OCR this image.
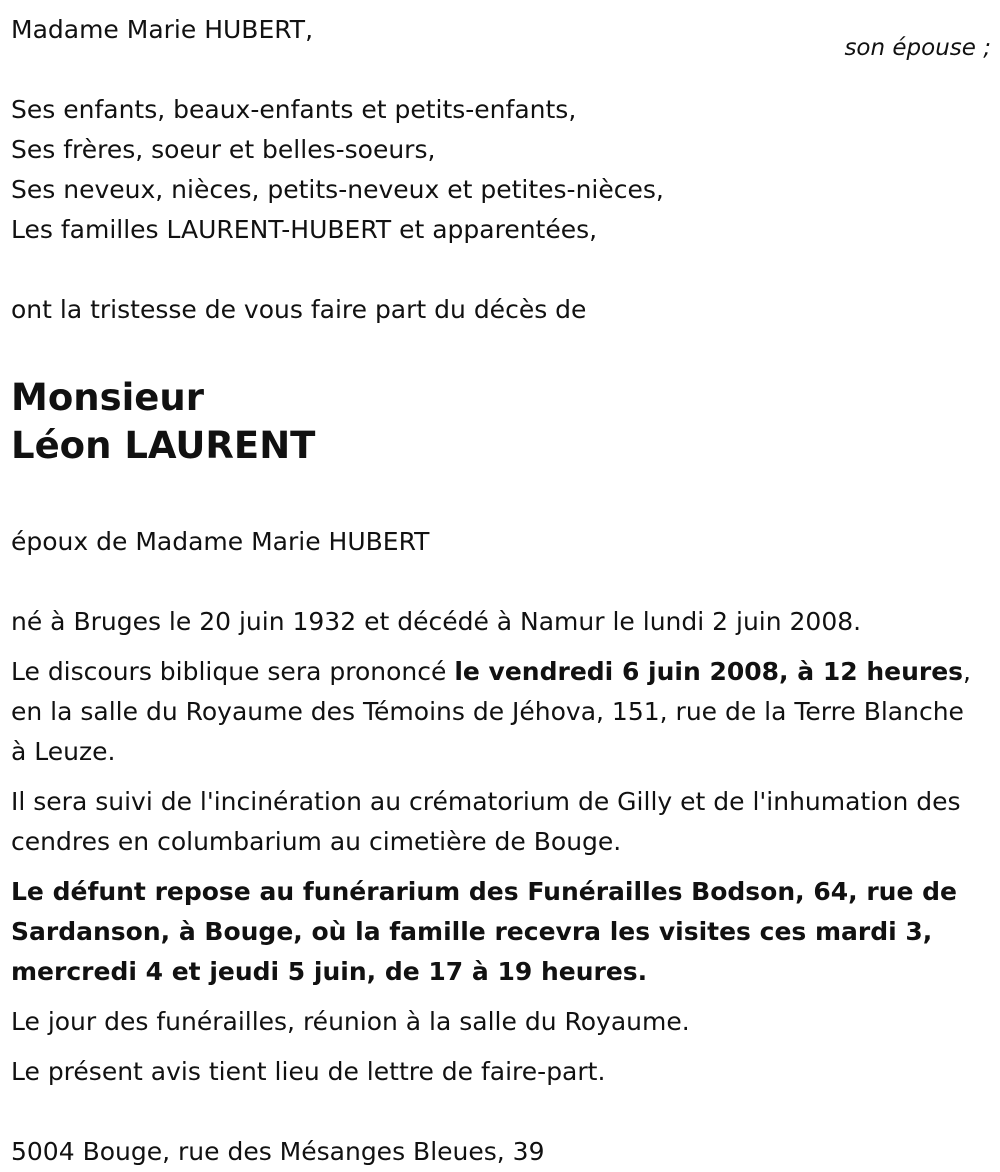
son épouse ;
Madame Marie HUBERT,
Ses enfants, beaux-enfants et petits-enfants,
Ses frères, soeur et belles-soeurs,
Ses neveux, nièces, petits-neveux et petites-nièces,
Les familles LAURENT-HUBERT et apparentées,
ont la tristesse de vous faire part du décès de
Monsieur
Léon LAURENT
époux de Madame Marie HUBERT
né à Bruges le 20 juin 1932 et décédé à Namur le lundi 2 juin 2008.

Le discours biblique sera prononcé le vendredi 6 juin 2008, à 12 heures, en la salle du Royaume des Témoins de Jéhova, 151, rue de la Terre Blanche à Leuze.

Il sera suivi de l'incinération au crématorium de Gilly et de l'inhumation des cendres en columbarium au cimetière de Bouge.

Le défunt repose au funérarium des Funérailles Bodson, 64, rue de Sardanson, à Bouge, où la famille recevra les visites ces mardi 3, mercredi 4 et jeudi 5 juin, de 17 à 19 heures.

Le jour des funérailles, réunion à la salle du Royaume.

Le présent avis tient lieu de lettre de faire-part.

5004 Bouge, rue des Mésanges Bleues, 39
